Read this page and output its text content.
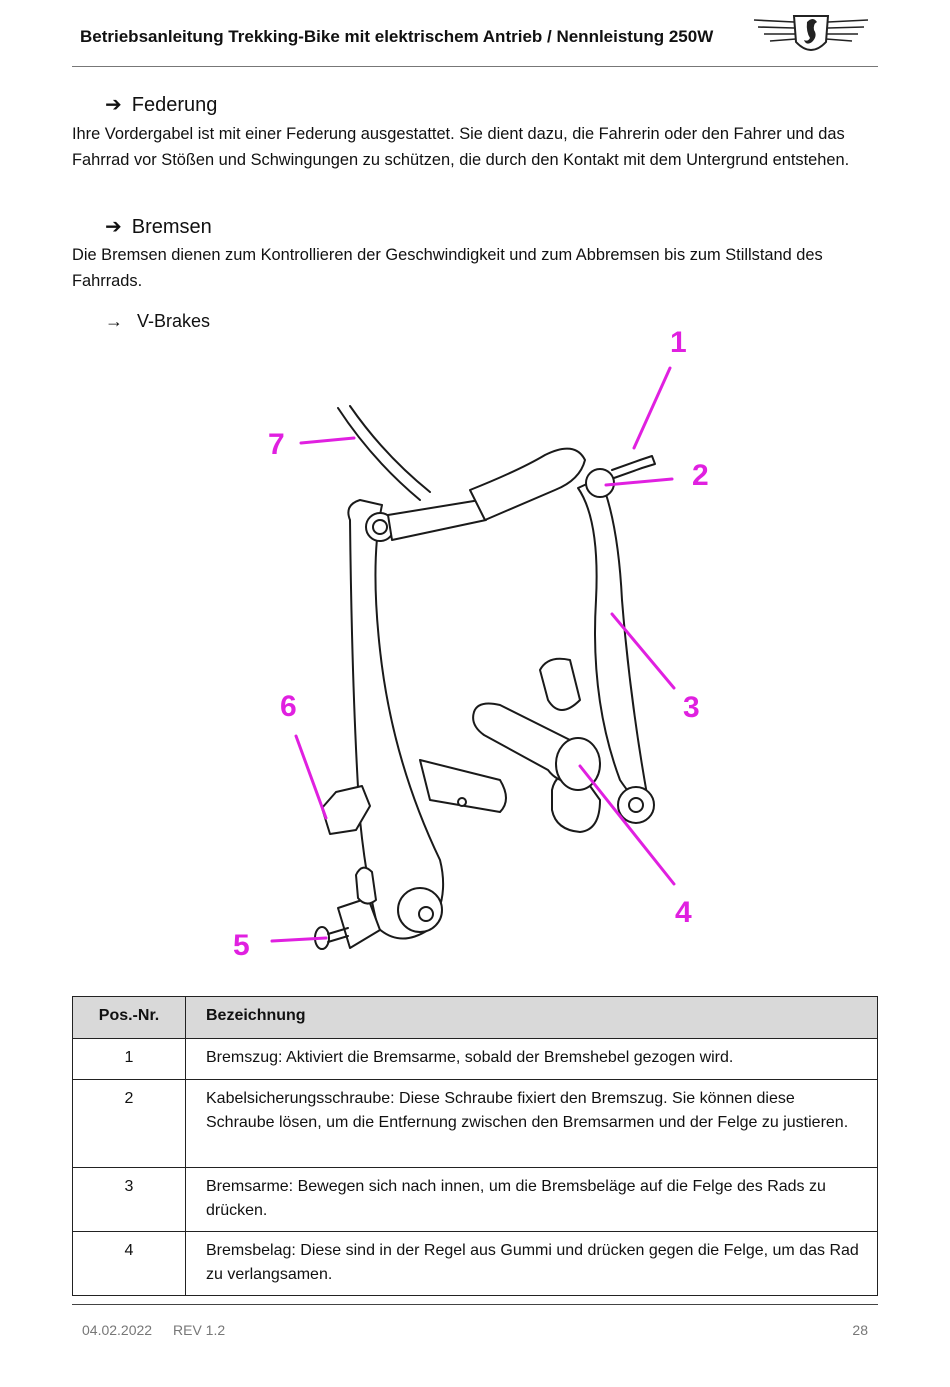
Betriebsanleitung Trekking-Bike mit elektrischem Antrieb / Nennleistung 250W
➔ Federung
Ihre Vordergabel ist mit einer Federung ausgestattet. Sie dient dazu, die Fahrerin oder den Fahrer und das Fahrrad vor Stößen und Schwingungen zu schützen, die durch den Kontakt mit dem Untergrund entstehen.
➔ Bremsen
Die Bremsen dienen zum Kontrollieren der Geschwindigkeit und zum Abbremsen bis zum Stillstand des Fahrrads.
→ V-Brakes
1
2
3
4
5
6
7
Pos.-Nr.	Bezeichnung
1	Bremszug: Aktiviert die Bremsarme, sobald der Bremshebel gezogen wird.
2	Kabelsicherungsschraube: Diese Schraube fixiert den Bremszug. Sie können diese Schraube lösen, um die Entfernung zwischen den Bremsarmen und der Felge zu justieren.
3	Bremsarme: Bewegen sich nach innen, um die Bremsbeläge auf die Felge des Rads zu drücken.
4	Bremsbelag: Diese sind in der Regel aus Gummi und drücken gegen die Felge, um das Rad zu verlangsamen.
04.02.2022 REV 1.2	28
